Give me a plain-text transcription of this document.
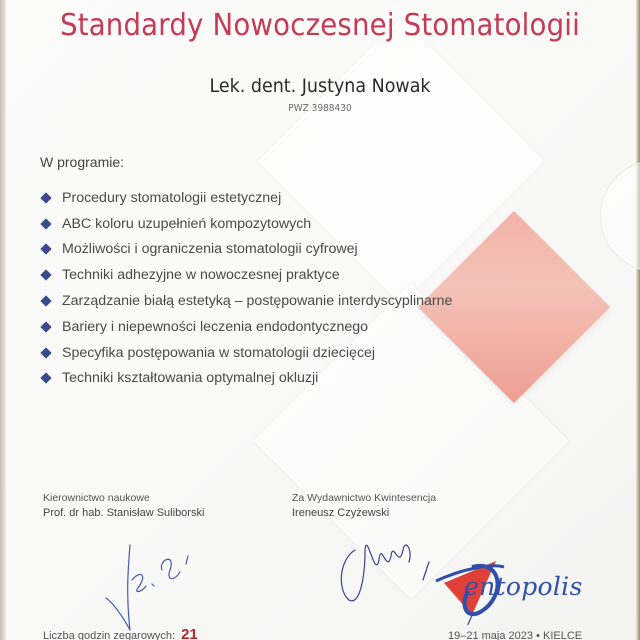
Standardy Nowoczesnej Stomatologii
Lek. dent. Justyna Nowak
PWZ 3988430
W programie:
Procedury stomatologii estetycznej
ABC koloru uzupełnień kompozytowych
Możliwości i ograniczenia stomatologii cyfrowej
Techniki adhezyjne w nowoczesnej praktyce
Zarządzanie białą estetyką – postępowanie interdyscyplinarne
Bariery i niepewności leczenia endodontycznego
Specyfika postępowania w stomatologii dziecięcej
Techniki kształtowania optymalnej okluzji
Kierownictwo naukowe
Prof. dr hab. Stanisław Suliborski
Za Wydawnictwo Kwintesencja
Ireneusz Czyżewski
entopolis
Liczba godzin zegarowych: 21	19–21 maja 2023 • KIELCE
